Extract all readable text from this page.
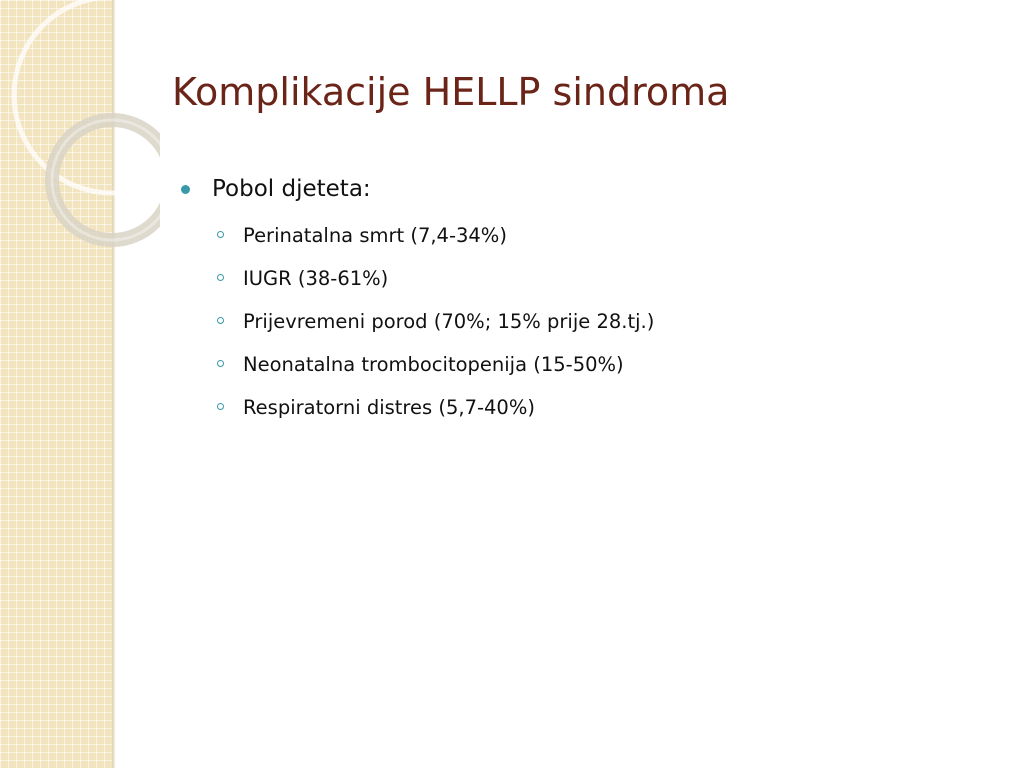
Komplikacije HELLP sindroma
Pobol djeteta:
Perinatalna smrt (7,4-34%)
IUGR (38-61%)
Prijevremeni porod (70%; 15% prije 28.tj.)
Neonatalna trombocitopenija (15-50%)
Respiratorni distres (5,7-40%)
